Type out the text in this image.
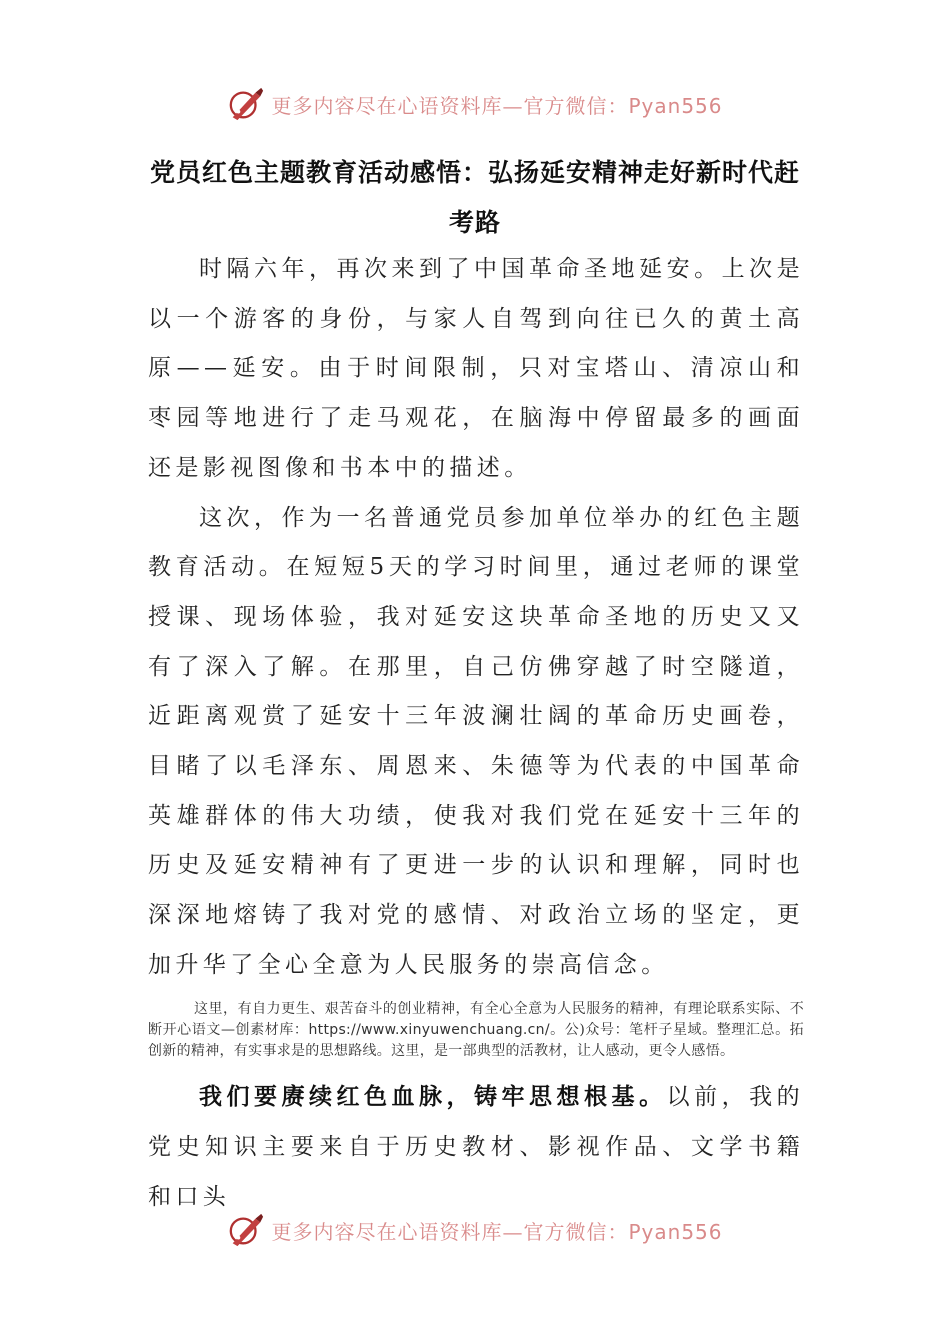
更多内容尽在心语资料库—官方微信：Pyan556
党员红色主题教育活动感悟：弘扬延安精神走好新时代赶考路

时隔六年，再次来到了中国革命圣地延安。上次是以一个游客的身份，与家人自驾到向往已久的黄土高原——延安。由于时间限制，只对宝塔山、清凉山和枣园等地进行了走马观花，在脑海中停留最多的画面还是影视图像和书本中的描述。

这次，作为一名普通党员参加单位举办的红色主题教育活动。在短短5天的学习时间里，通过老师的课堂授课、现场体验，我对延安这块革命圣地的历史又又有了深入了解。在那里，自己仿佛穿越了时空隧道，近距离观赏了延安十三年波澜壮阔的革命历史画卷，目睹了以毛泽东、周恩来、朱德等为代表的中国革命英雄群体的伟大功绩，使我对我们党在延安十三年的历史及延安精神有了更进一步的认识和理解，同时也深深地熔铸了我对党的感情、对政治立场的坚定，更加升华了全心全意为人民服务的崇高信念。

这里，有自力更生、艰苦奋斗的创业精神，有全心全意为人民服务的精神，有理论联系实际、不断开心语文—创素材库：https://www.xinyuwenchuang.cn/。公)众号：笔杆子星域。整理汇总。拓创新的精神，有实事求是的思想路线。这里，是一部典型的活教材，让人感动，更令人感悟。

我们要赓续红色血脉，铸牢思想根基。以前，我的党史知识主要来自于历史教材、影视作品、文学书籍和口头

更多内容尽在心语资料库—官方微信：Pyan556
